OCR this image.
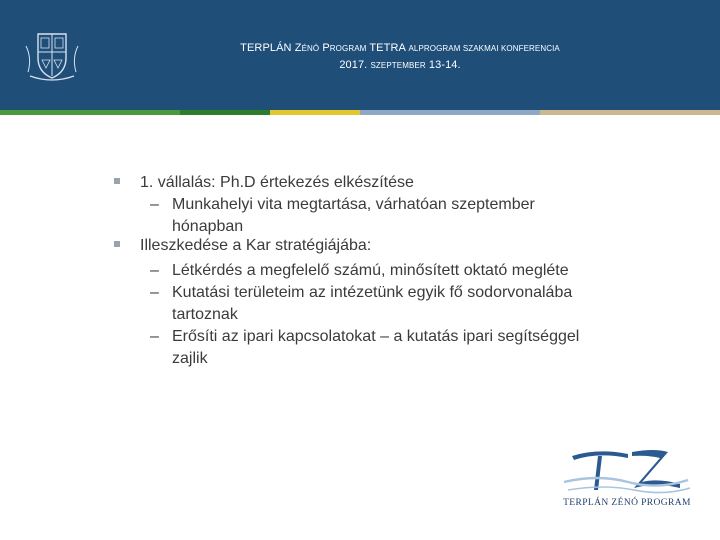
TERPLÁN ZÉNÓ PROGRAM TETRA ALPROGRAM SZAKMAI KONFERENCIA
2017. SZEPTEMBER 13-14.
1. vállalás: Ph.D értekezés elkészítése
– Munkahelyi vita megtartása, várhatóan szeptember
hónapban
Illeszkedése a Kar stratégiájába:
– Létkérdés a megfelelő számú, minősített oktató megléte
– Kutatási területeim az intézetünk egyik fő sodorvonalába
tartoznak
– Erősíti az ipari kapcsolatokat – a kutatás ipari segítséggel
zajlik
TERPLÁN ZÉNÓ PROGRAM
